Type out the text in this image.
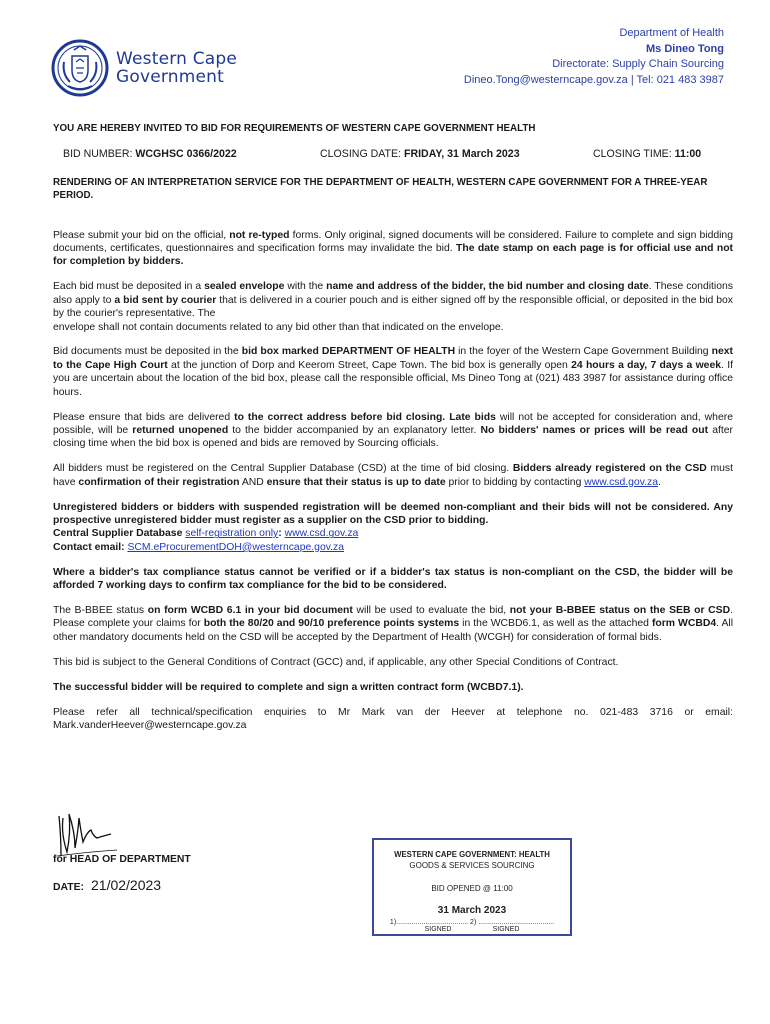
Western Cape
Government
Department of Health
Ms Dineo Tong
Directorate: Supply Chain Sourcing
Dineo.Tong@westerncape.gov.za | Tel: 021 483 3987
YOU ARE HEREBY INVITED TO BID FOR REQUIREMENTS OF WESTERN CAPE GOVERNMENT HEALTH
BID NUMBER: WCGHSC 0366/2022	CLOSING DATE: FRIDAY, 31 March 2023	CLOSING TIME: 11:00
RENDERING OF AN INTERPRETATION SERVICE FOR THE DEPARTMENT OF HEALTH, WESTERN CAPE GOVERNMENT FOR A THREE-YEAR PERIOD.

Please submit your bid on the official, not re-typed forms. Only original, signed documents will be considered. Failure to complete and sign bidding documents, certificates, questionnaires and specification forms may invalidate the bid. The date stamp on each page is for official use and not for completion by bidders.

Each bid must be deposited in a sealed envelope with the name and address of the bidder, the bid number and closing date. These conditions also apply to a bid sent by courier that is delivered in a courier pouch and is either signed off by the responsible official, or deposited in the bid box by the courier's representative. The
envelope shall not contain documents related to any bid other than that indicated on the envelope.

Bid documents must be deposited in the bid box marked DEPARTMENT OF HEALTH in the foyer of the Western Cape Government Building next to the Cape High Court at the junction of Dorp and Keerom Street, Cape Town. The bid box is generally open 24 hours a day, 7 days a week. If you are uncertain about the location of the bid box, please call the responsible official, Ms Dineo Tong at (021) 483 3987 for assistance during office hours.

Please ensure that bids are delivered to the correct address before bid closing. Late bids will not be accepted for consideration and, where possible, will be returned unopened to the bidder accompanied by an explanatory letter. No bidders' names or prices will be read out after closing time when the bid box is opened and bids are removed by Sourcing officials.

All bidders must be registered on the Central Supplier Database (CSD) at the time of bid closing. Bidders already registered on the CSD must have confirmation of their registration AND ensure that their status is up to date prior to bidding by contacting www.csd.gov.za.

Unregistered bidders or bidders with suspended registration will be deemed non-compliant and their bids will not be considered. Any prospective unregistered bidder must register as a supplier on the CSD prior to bidding.
Central Supplier Database self-registration only: www.csd.gov.za
Contact email: SCM.eProcurementDOH@westerncape.gov.za

Where a bidder's tax compliance status cannot be verified or if a bidder's tax status is non-compliant on the CSD, the bidder will be afforded 7 working days to confirm tax compliance for the bid to be considered.

The B-BBEE status on form WCBD 6.1 in your bid document will be used to evaluate the bid, not your B-BBEE status on the SEB or CSD. Please complete your claims for both the 80/20 and 90/10 preference points systems in the WCBD6.1, as well as the attached form WCBD4. All other mandatory documents held on the CSD will be accepted by the Department of Health (WCGH) for consideration of formal bids.

This bid is subject to the General Conditions of Contract (GCC) and, if applicable, any other Special Conditions of Contract.

The successful bidder will be required to complete and sign a written contract form (WCBD7.1).

Please refer all technical/specification enquiries to Mr Mark van der Heever at telephone no. 021-483 3716 or email: Mark.vanderHeever@westerncape.gov.za

for HEAD OF DEPARTMENT
DATE: 21/02/2023
WESTERN CAPE GOVERNMENT: HEALTH
GOODS & SERVICES SOURCING
BID OPENED @ 11:00
31 March 2023
1)..................................... 2) .......................................
SIGNED	SIGNED
